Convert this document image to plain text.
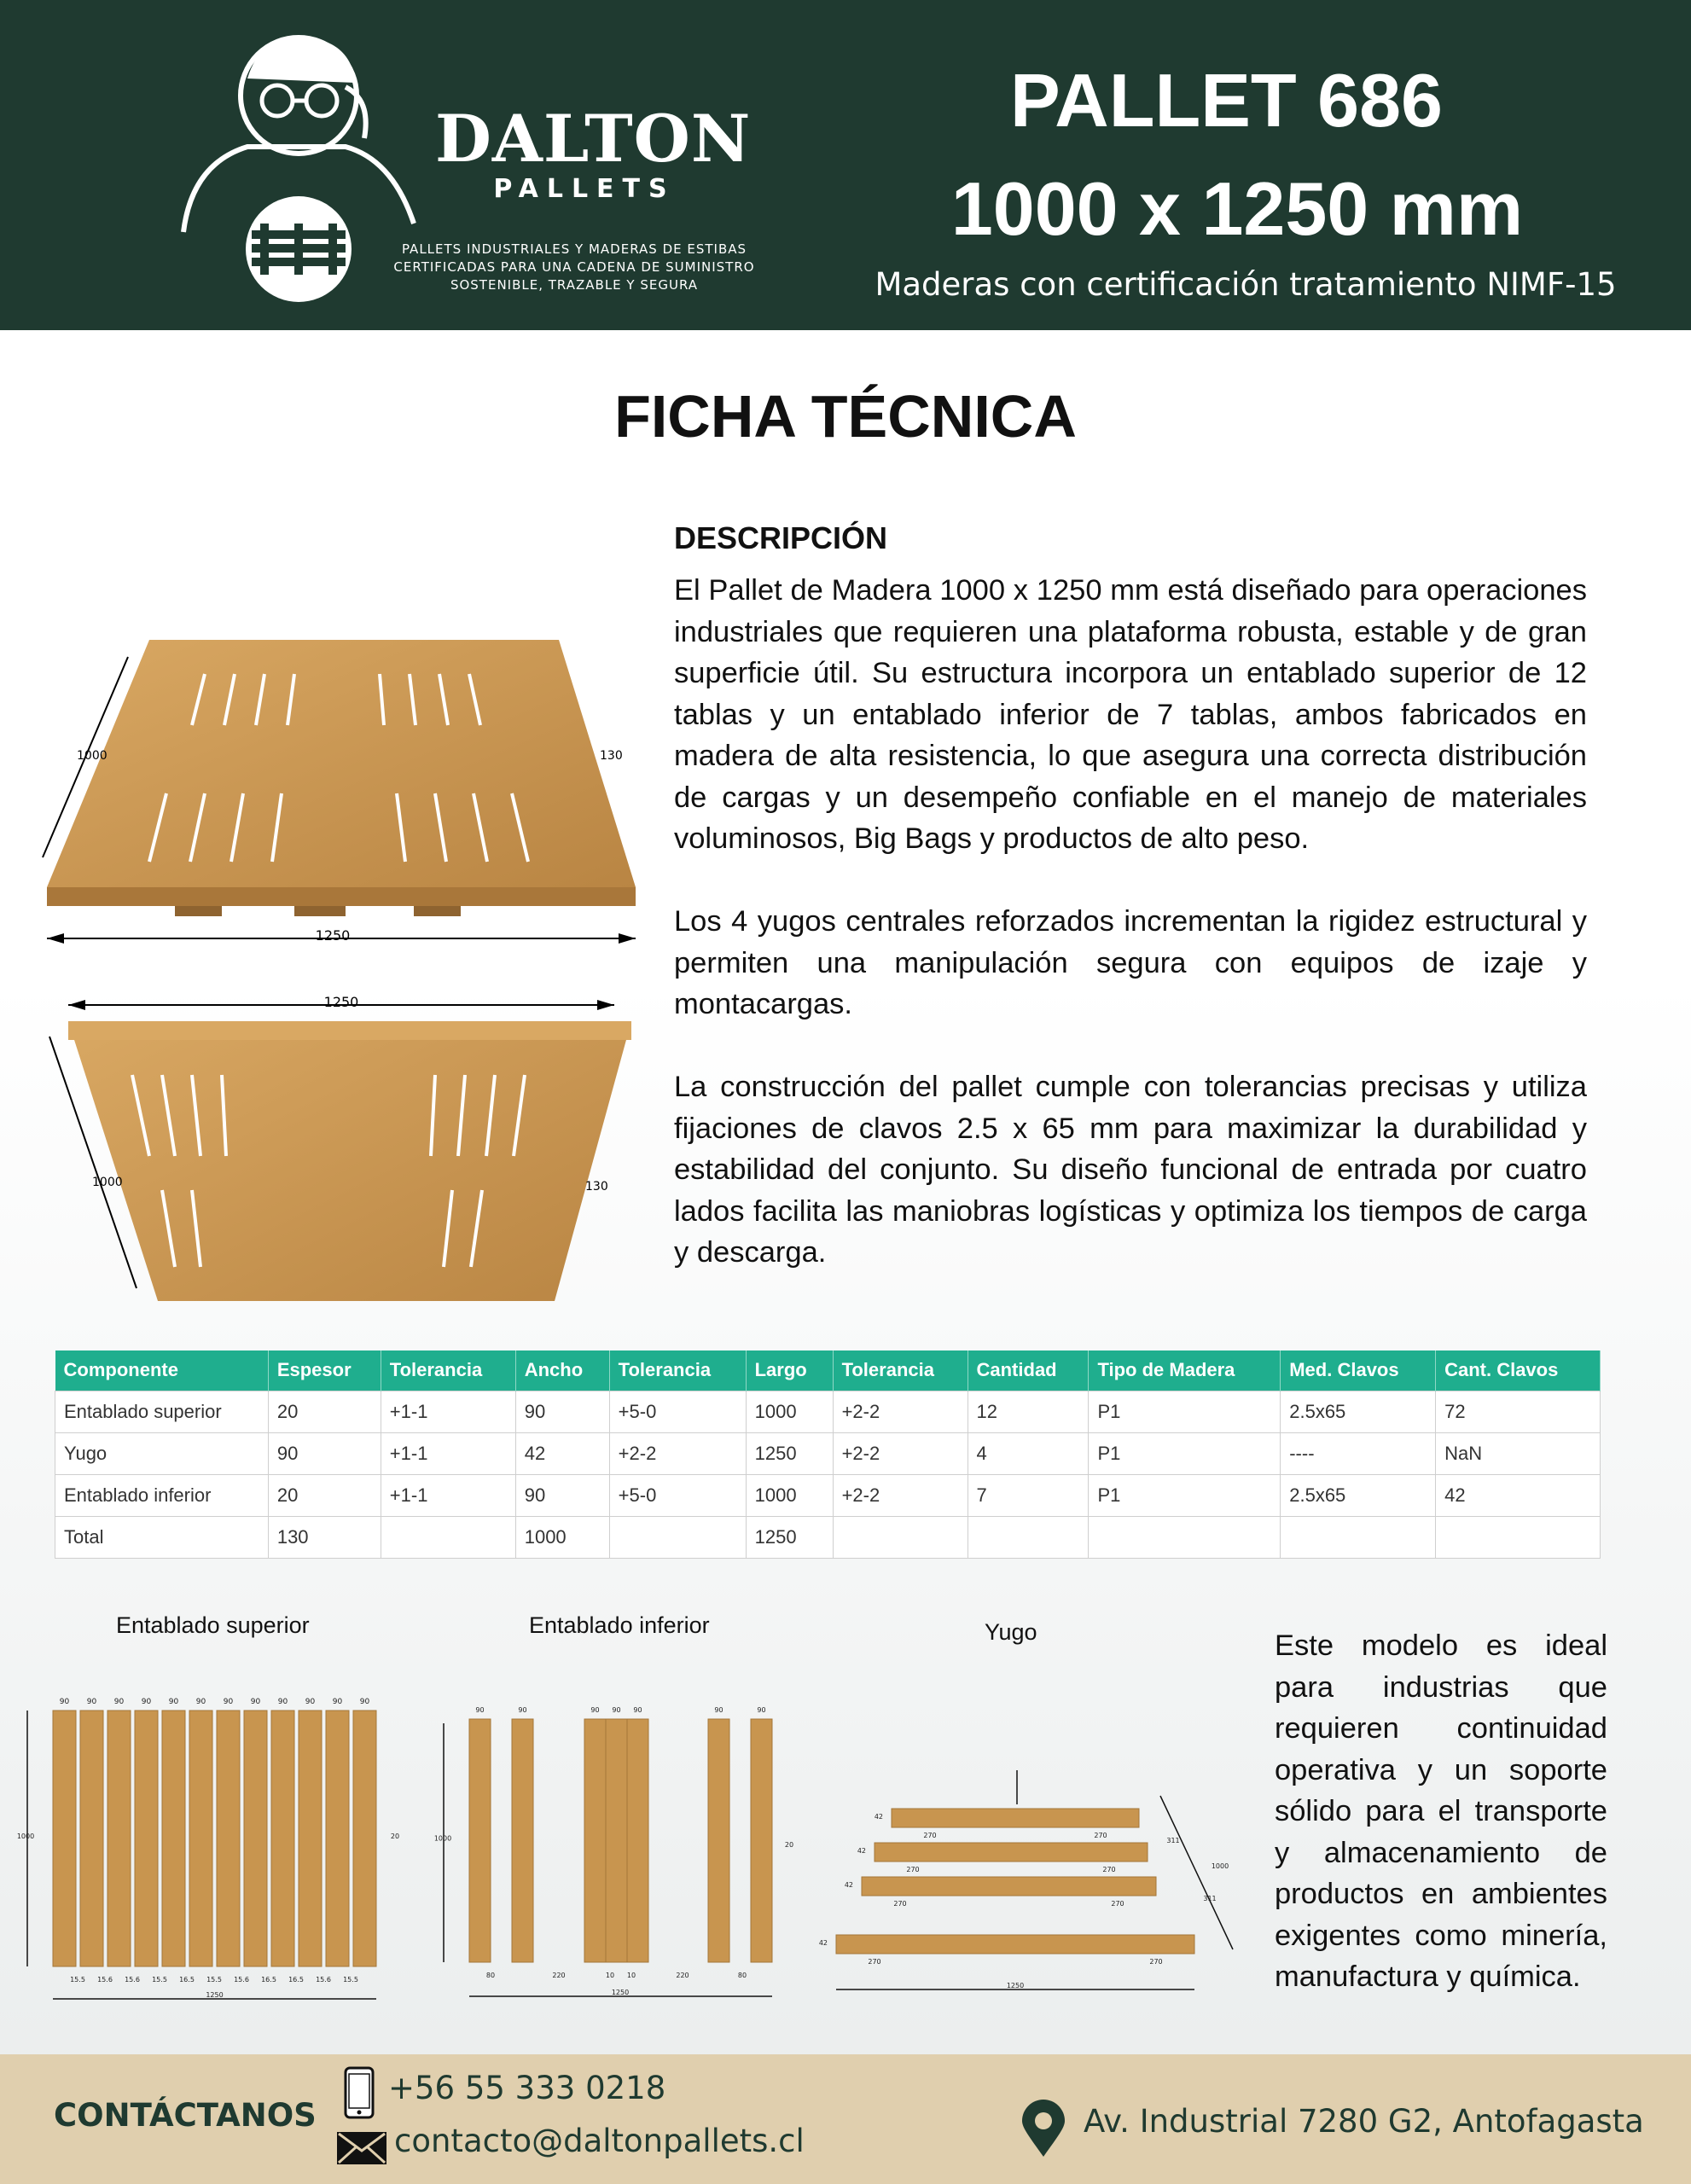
DALTON
PALLETS
PALLETS INDUSTRIALES Y MADERAS DE ESTIBAS CERTIFICADAS PARA UNA CADENA DE SUMINISTRO SOSTENIBLE, TRAZABLE Y SEGURA
PALLET 686
1000 x 1250 mm
Maderas con certificación tratamiento NIMF-15
FICHA TÉCNICA
1250
1000	130
1250
1000	130
DESCRIPCIÓN

El Pallet de Madera 1000 x 1250 mm está diseñado para operaciones industriales que requieren una plataforma robusta, estable y de gran superficie útil. Su estructura incorpora un entablado superior de 12 tablas y un entablado inferior de 7 tablas, ambos fabricados en madera de alta resistencia, lo que asegura una correcta distribución de cargas y un desempeño confiable en el manejo de materiales voluminosos, Big Bags y productos de alto peso.

Los 4 yugos centrales reforzados incrementan la rigidez estructural y permiten una manipulación segura con equipos de izaje y montacargas.

La construcción del pallet cumple con tolerancias precisas y utiliza fijaciones de clavos 2.5 x 65 mm para maximizar la durabilidad y estabilidad del conjunto. Su diseño funcional de entrada por cuatro lados facilita las maniobras logísticas y optimiza los tiempos de carga y descarga.

Componente	Espesor	Tolerancia	Ancho	Tolerancia	Largo	Tolerancia	Cantidad	Tipo de Madera	Med. Clavos	Cant. Clavos
Entablado superior	20	+1-1	90	+5-0	1000	+2-2	12	P1	2.5x65	72
Yugo	90	+1-1	42	+2-2	1250	+2-2	4	P1	----	NaN
Entablado inferior	20	+1-1	90	+5-0	1000	+2-2	7	P1	2.5x65	42
Total	130		1000		1250					
Entablado superior	Entablado inferior	Yugo
90 90 90 90 90 90 90 90 90 90 90 90
15.5 15.6 15.6 15.5 16.5 15.5 15.6 16.5 16.5 15.6 15.5
1000
1250
20
90	90	90 90 90	90	90
80	220	10 10	220	80
1000
1250
20
42
270	270
42
270	270
42
270	270
42
270	270
1000
311
311
1250
Este modelo es ideal para industrias que requieren continuidad operativa y un soporte sólido para el transporte y almacenamiento de productos en ambientes exigentes como minería, manufactura y química.
CONTÁCTANOS
+56 55 333 0218
contacto@daltonpallets.cl
Av. Industrial 7280 G2, Antofagasta
